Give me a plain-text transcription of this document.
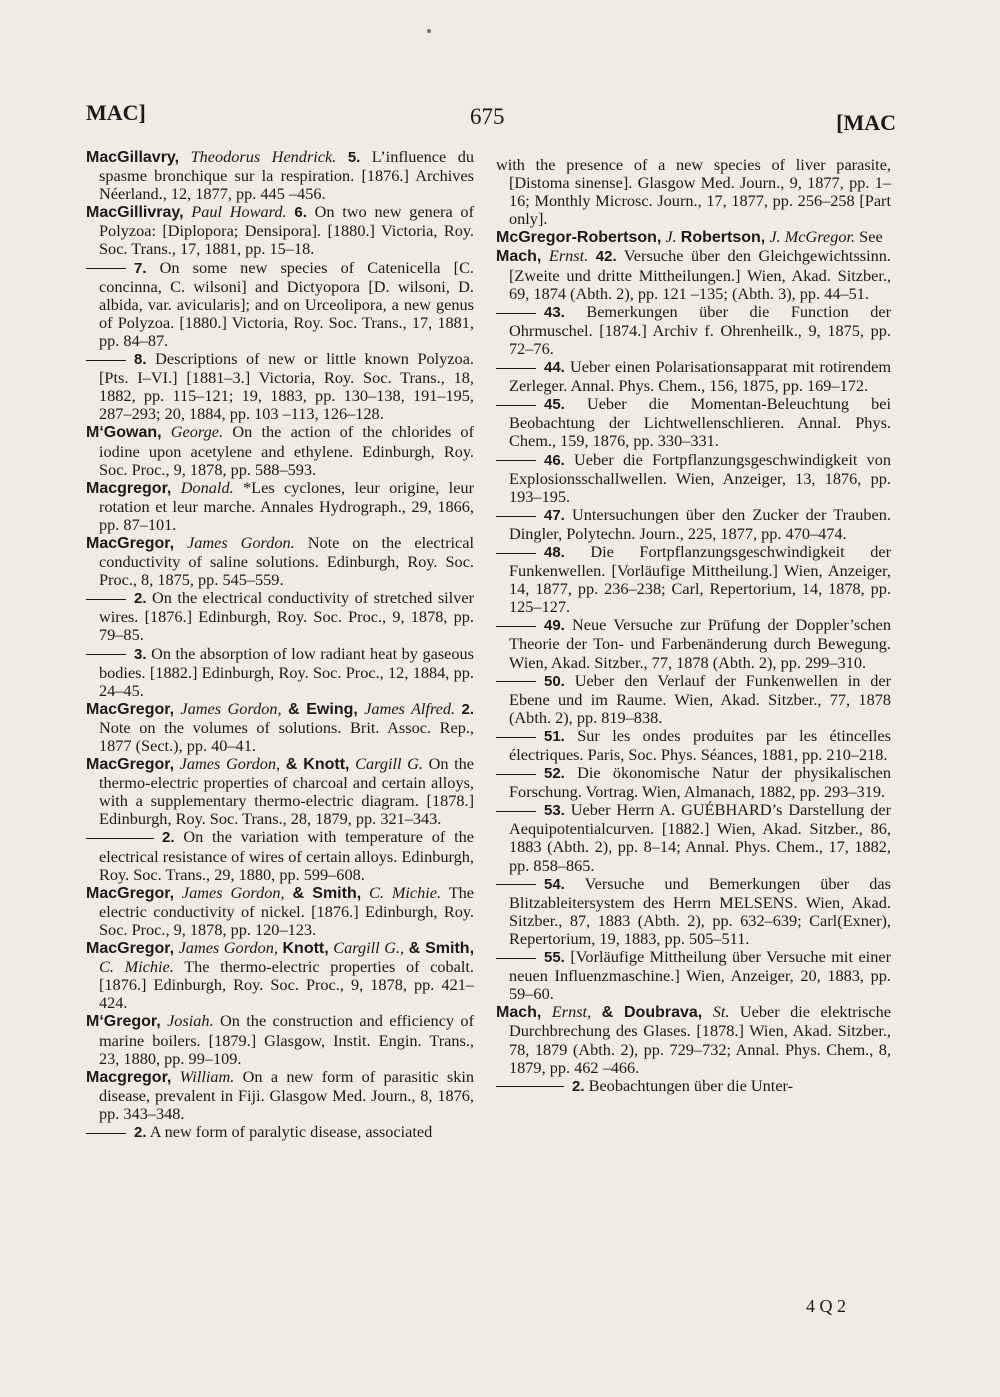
MAC]	675	[MAC

MacGillavry, Theodorus Hendrick. 5. L’influence du spasme bronchique sur la respiration. [1876.] Archives Néerland., 12, 1877, pp. 445 –456.

MacGillivray, Paul Howard. 6. On two new genera of Polyzoa: [Diplopora; Densipora]. [1880.] Victoria, Roy. Soc. Trans., 17, 1881, pp. 15–18.

7. On some new species of Catenicella [C. concinna, C. wilsoni] and Dictyopora [D. wilsoni, D. albida, var. avicularis]; and on Urceolipora, a new genus of Polyzoa. [1880.] Victoria, Roy. Soc. Trans., 17, 1881, pp. 84–87.

8. Descriptions of new or little known Polyzoa. [Pts. I–VI.] [1881–3.] Victoria, Roy. Soc. Trans., 18, 1882, pp. 115–121; 19, 1883, pp. 130–138, 191–195, 287–293; 20, 1884, pp. 103 –113, 126–128.

M‘Gowan, George. On the action of the chlorides of iodine upon acetylene and ethylene. Edinburgh, Roy. Soc. Proc., 9, 1878, pp. 588–593.

Macgregor, Donald. *Les cyclones, leur origine, leur rotation et leur marche. Annales Hydrograph., 29, 1866, pp. 87–101.

MacGregor, James Gordon. Note on the electrical conductivity of saline solutions. Edinburgh, Roy. Soc. Proc., 8, 1875, pp. 545–559.

2. On the electrical conductivity of stretched silver wires. [1876.] Edinburgh, Roy. Soc. Proc., 9, 1878, pp. 79–85.

3. On the absorption of low radiant heat by gaseous bodies. [1882.] Edinburgh, Roy. Soc. Proc., 12, 1884, pp. 24–45.

MacGregor, James Gordon, & Ewing, James Alfred. 2. Note on the volumes of solutions. Brit. Assoc. Rep., 1877 (Sect.), pp. 40–41.

MacGregor, James Gordon, & Knott, Cargill G. On the thermo-electric properties of charcoal and certain alloys, with a supplementary thermo-electric diagram. [1878.] Edinburgh, Roy. Soc. Trans., 28, 1879, pp. 321–343.

2. On the variation with temperature of the electrical resistance of wires of certain alloys. Edinburgh, Roy. Soc. Trans., 29, 1880, pp. 599–608.

MacGregor, James Gordon, & Smith, C. Michie. The electric conductivity of nickel. [1876.] Edinburgh, Roy. Soc. Proc., 9, 1878, pp. 120–123.

MacGregor, James Gordon, Knott, Cargill G., & Smith, C. Michie. The thermo-electric properties of cobalt. [1876.] Edinburgh, Roy. Soc. Proc., 9, 1878, pp. 421–424.

M‘Gregor, Josiah. On the construction and efficiency of marine boilers. [1879.] Glasgow, Instit. Engin. Trans., 23, 1880, pp. 99–109.

Macgregor, William. On a new form of parasitic skin disease, prevalent in Fiji. Glasgow Med. Journ., 8, 1876, pp. 343–348.

2. A new form of paralytic disease, associated

with the presence of a new species of liver parasite, [Distoma sinense]. Glasgow Med. Journ., 9, 1877, pp. 1–16; Monthly Microsc. Journ., 17, 1877, pp. 256–258 [Part only].

McGregor-Robertson, J. Robertson, J. McGregor. See

Mach, Ernst. 42. Versuche über den Gleichgewichtssinn. [Zweite und dritte Mittheilungen.] Wien, Akad. Sitzber., 69, 1874 (Abth. 2), pp. 121 –135; (Abth. 3), pp. 44–51.

43. Bemerkungen über die Function der Ohrmuschel. [1874.] Archiv f. Ohrenheilk., 9, 1875, pp. 72–76.

44. Ueber einen Polarisationsapparat mit rotirendem Zerleger. Annal. Phys. Chem., 156, 1875, pp. 169–172.

45. Ueber die Momentan-Beleuchtung bei Beobachtung der Lichtwellenschlieren. Annal. Phys. Chem., 159, 1876, pp. 330–331.

46. Ueber die Fortpflanzungsgeschwindigkeit von Explosionsschallwellen. Wien, Anzeiger, 13, 1876, pp. 193–195.

47. Untersuchungen über den Zucker der Trauben. Dingler, Polytechn. Journ., 225, 1877, pp. 470–474.

48. Die Fortpflanzungsgeschwindigkeit der Funkenwellen. [Vorläufige Mittheilung.] Wien, Anzeiger, 14, 1877, pp. 236–238; Carl, Repertorium, 14, 1878, pp. 125–127.

49. Neue Versuche zur Prüfung der Doppler’schen Theorie der Ton- und Farbenänderung durch Bewegung. Wien, Akad. Sitzber., 77, 1878 (Abth. 2), pp. 299–310.

50. Ueber den Verlauf der Funkenwellen in der Ebene und im Raume. Wien, Akad. Sitzber., 77, 1878 (Abth. 2), pp. 819–838.

51. Sur les ondes produites par les étincelles électriques. Paris, Soc. Phys. Séances, 1881, pp. 210–218.

52. Die ökonomische Natur der physikalischen Forschung. Vortrag. Wien, Almanach, 1882, pp. 293–319.

53. Ueber Herrn A. GUÉBHARD’s Darstellung der Aequipotentialcurven. [1882.] Wien, Akad. Sitzber., 86, 1883 (Abth. 2), pp. 8–14; Annal. Phys. Chem., 17, 1882, pp. 858–865.

54. Versuche und Bemerkungen über das Blitzableitersystem des Herrn MELSENS. Wien, Akad. Sitzber., 87, 1883 (Abth. 2), pp. 632–639; Carl(Exner), Repertorium, 19, 1883, pp. 505–511.

55. [Vorläufige Mittheilung über Versuche mit einer neuen Influenzmaschine.] Wien, Anzeiger, 20, 1883, pp. 59–60.

Mach, Ernst, & Doubrava, St. Ueber die elektrische Durchbrechung des Glases. [1878.] Wien, Akad. Sitzber., 78, 1879 (Abth. 2), pp. 729–732; Annal. Phys. Chem., 8, 1879, pp. 462 –466.

2. Beobachtungen über die Unter-

4 Q 2
